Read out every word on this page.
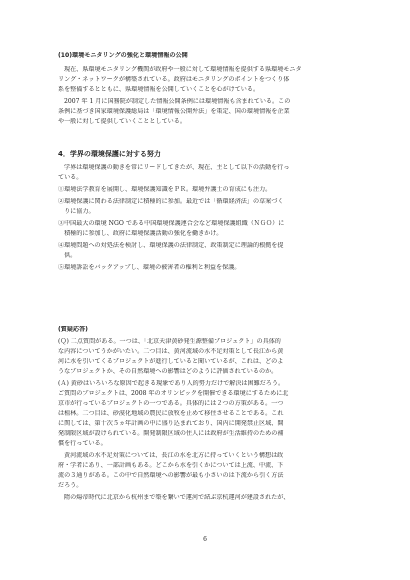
(10)環境モニタリングの強化と環境情報の公開
現在、県環境モニタリング機関が政府や一般に対して環境情報を提供する県環境モニタ
リング・ネットワークが構築されている。政府はモニタリングのポイントをつくり体
系を整備するとともに、県環境情報を公開していくことを心がけている。
2007 年 1 月に国務院が制定した情報公開条例には環境情報も含まれている。この
条例に基づき国家環境保護総局は「環境情報公開弁法」を策定、国の環境情報を企業
や一般に対して提供していくこととしている。
4．学界の環境保護に対する努力
学界は環境保護の動きを常にリードしてきたが、現在、主として以下の活動を行っ
ている。
①環境法学教育を展開し、環境保護知識をＰＲ。環境弁護士の育成にも注力。
②環境保護に関わる法律制定に積極的に参加。最近では「循環経済法」の草案づく
　りに協力。
③中国最大の環境 NGO である中国環境保護連合会など環境保護組織（ＮＧＯ）に
　積極的に参加し、政府に環境保護活動の強化を働きかけ。
④環境問題への対処法を検討し、環境保護の法律制定、政策制定に理論的根拠を提
　供。
⑤環境訴訟をバックアップし、環境の被害者の権利と利益を保護。
(質疑応答)
(Ｑ) 二点質問がある。一つは、「北京天津黄砂発生源整備プロジェクト」の具体的
な内容についてうかがいたい。二つ目は、黄河流域の水不足対策として長江から黄
河に水を引いてくるプロジェクトが進行していると聞いているが、これは、どのよ
うなプロジェクトか、その自然環境への影響はどのように評価されているのか。
(Ａ) 黄砂はいろいろな原因で起きる現象であり人的努力だけで解決は困難だろう。
ご質問のプロジェクトは、2008 年のオリンピックを開催できる環境にするために北
京市が行っているプロジェクトの一つである。具体的には２つの方策がある。一つ
は植林。二つ目は、砂漠化地域の農民に放牧を止めて移住させることである。これ
に関しては、第十次５ヵ年計画の中に盛り込まれており、国内に開発禁止区域、開
発制限区域が設けられている。開発制限区域の住人には政府が生活維持のための補
償を行っている。
黄河流域の水不足対策については、長江の水を北方に持っていくという構想は政
府・学者にあり、一部計画もある。どこから水を引くかについては上流、中流、下
流の３通りがある。この中で自然環境への影響が最も小さいのは下流から引く方法
だろう。
隋の煬帝時代に北京から杭州まで築を繋いで運河で結ぶ京杭運河が建設されたが、
6
